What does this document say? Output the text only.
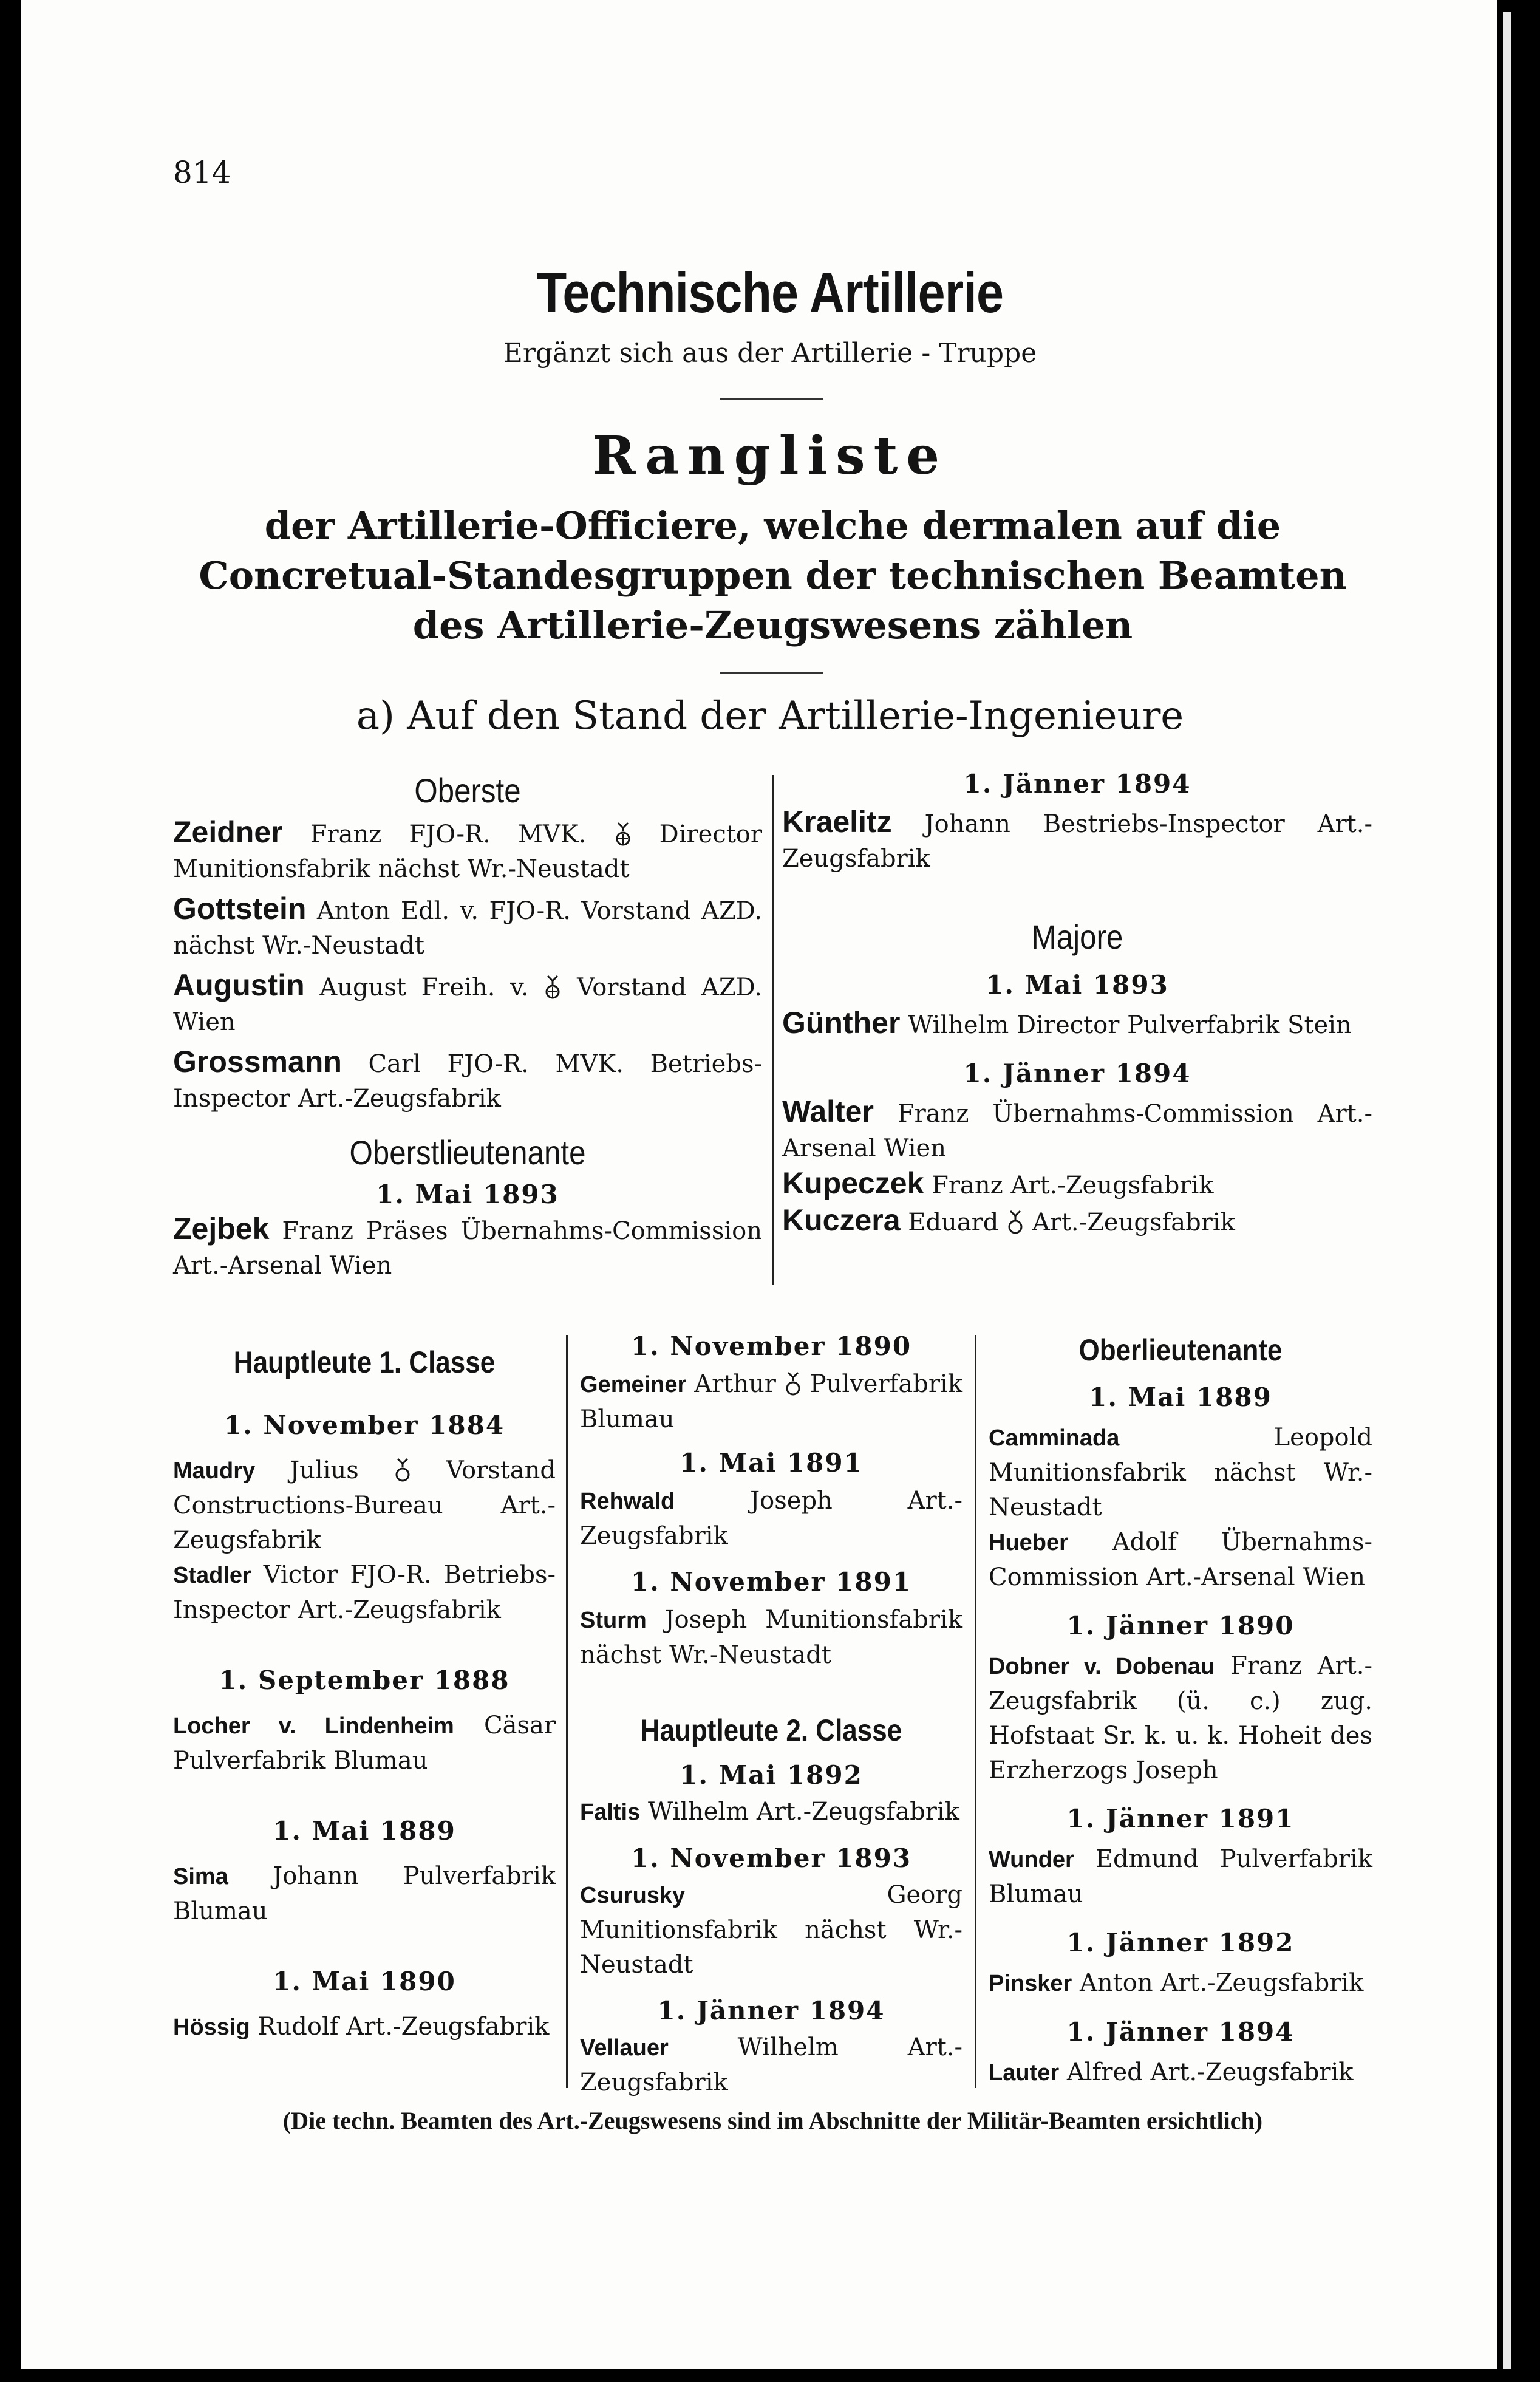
814
Technische Artillerie
Ergänzt sich aus der Artillerie - Truppe
Rangliste
der Artillerie-Officiere, welche dermalen auf die Concretual-Standesgruppen der technischen Beamten des Artillerie-Zeugswesens zählen
a) Auf den Stand der Artillerie-Ingenieure
Oberste
Zeidner Franz FJO-R. MVK.	Director Munitionsfabrik nächst Wr.-Neustadt
Gottstein Anton Edl. v. FJO-R. Vorstand AZD. nächst Wr.-Neustadt
Augustin August Freih. v. Vorstand AZD. Wien
Grossmann Carl FJO-R. MVK. Betriebs-Inspector Art.-Zeugsfabrik
Oberstlieutenante
1. Mai 1893
Zejbek Franz Präses Übernahms-Commission Art.-Arsenal Wien
1. Jänner 1894
Kraelitz Johann Bestriebs-Inspector Art.-Zeugsfabrik
Majore
1. Mai 1893
Günther Wilhelm Director Pulverfabrik Stein
1. Jänner 1894
Walter Franz Übernahms-Commission Art.-Arsenal Wien
Kupeczek Franz Art.-Zeugsfabrik
Kuczera Eduard Art.-Zeugsfabrik
Hauptleute 1. Classe
1. November 1884
Maudry Julius	Vorstand Constructions-Bureau Art.-Zeugsfabrik
Stadler Victor FJO-R. Betriebs-Inspector Art.-Zeugsfabrik
1. September 1888
Locher v. Lindenheim Cäsar Pulverfabrik Blumau
1. Mai 1889
Sima Johann Pulverfabrik Blumau
1. Mai 1890
Hössig Rudolf Art.-Zeugsfabrik
1. November 1890
Gemeiner Arthur Pulverfabrik Blumau
1. Mai 1891
Rehwald	Joseph Art.-Zeugsfabrik
1. November 1891
Sturm Joseph Munitionsfabrik nächst Wr.-Neustadt
Hauptleute 2. Classe
1. Mai 1892
Faltis Wilhelm Art.-Zeugsfabrik
1. November 1893
Csurusky	Georg Munitionsfabrik nächst Wr.-Neustadt
1. Jänner 1894
Vellauer	Wilhelm Art.-Zeugsfabrik
Oberlieutenante
1. Mai 1889
Camminada	Leopold Munitionsfabrik nächst Wr.-Neustadt
Hueber Adolf Übernahms-Commission Art.-Arsenal Wien
1. Jänner 1890
Dobner v. Dobenau Franz Art.-Zeugsfabrik (ü. c.) zug. Hofstaat Sr. k. u. k. Hoheit des Erzherzogs Joseph
1. Jänner 1891
Wunder Edmund Pulverfabrik Blumau
1. Jänner 1892
Pinsker Anton Art.-Zeugsfabrik
1. Jänner 1894
Lauter Alfred Art.-Zeugsfabrik
(Die techn. Beamten des Art.-Zeugswesens sind im Abschnitte der Militär-Beamten ersichtlich)
